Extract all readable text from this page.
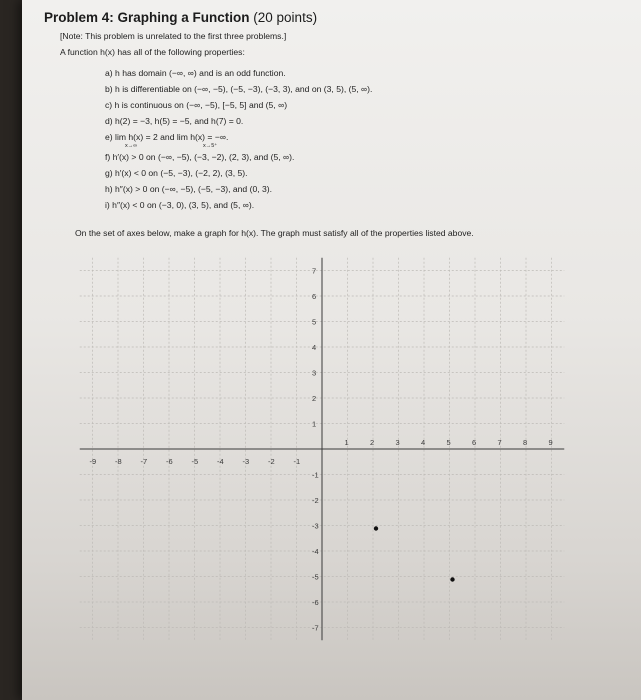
Problem 4: Graphing a Function (20 points)
[Note: This problem is unrelated to the first three problems.]
A function h(x) has all of the following properties:
a) h has domain (−∞, ∞) and is an odd function.
b) h is differentiable on (−∞, −5), (−5, −3), (−3, 3), and on (3, 5), (5, ∞).
c) h is continuous on (−∞, −5), [−5, 5] and (5, ∞)
d) h(2) = −3, h(5) = −5, and h(7) = 0.
e) lim h(x) = 2 and lim h(x) = −∞.
x→∞	x→5⁺
f) h′(x) > 0 on (−∞, −5), (−3, −2), (2, 3), and (5, ∞).
g) h′(x) < 0 on (−5, −3), (−2, 2), (3, 5).
h) h″(x) > 0 on (−∞, −5), (−5, −3), and (0, 3).
i) h″(x) < 0 on (−3, 0), (3, 5), and (5, ∞).
On the set of axes below, make a graph for h(x). The graph must satisfy all of the properties listed above.
-9	-8	-7	-6	-5	-4	-3	-2	-1
1	2	3	4	5	6	7	8	9
7
6
5
4
3
2
1
-1
-2
-3
-4
-5
-6
-7
